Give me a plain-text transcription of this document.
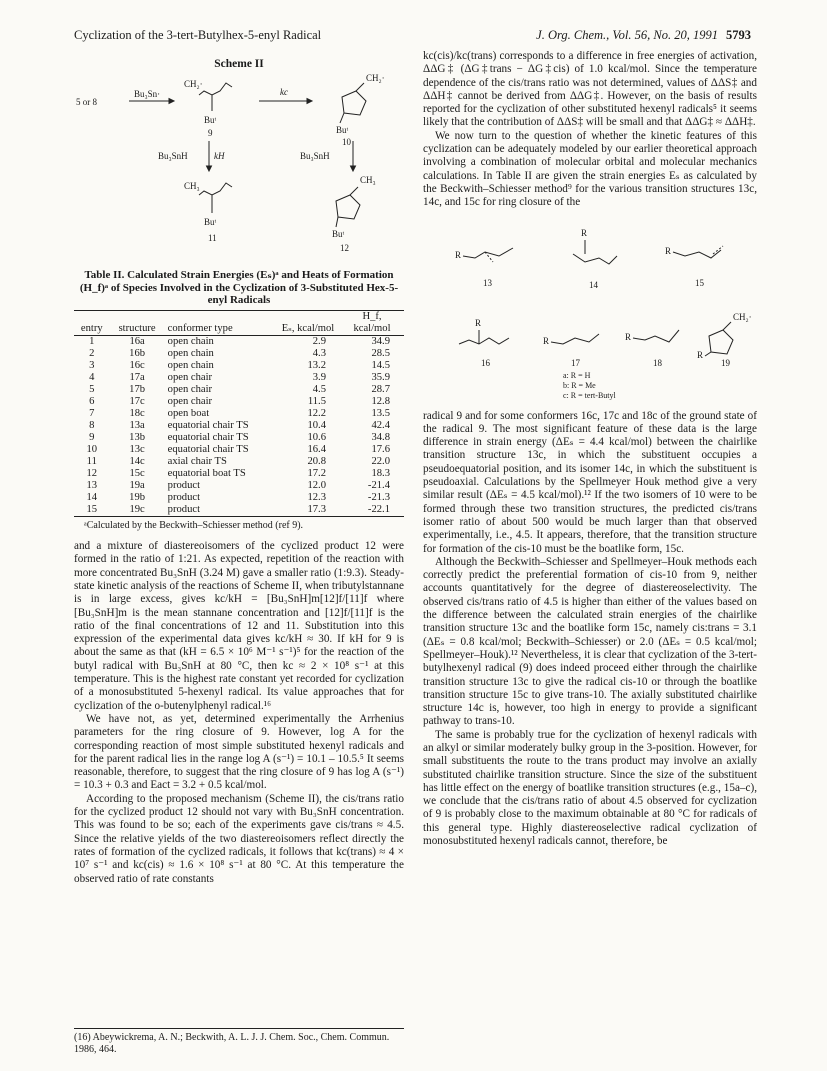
Cyclization of the 3-tert-Butylhex-5-enyl Radical	J. Org. Chem., Vol. 56, No. 20, 1991 5793
Scheme II
5 or 8
Bu₃Sn·
CH₂·
kc
CH₂·
Buᵗ
9	Buᵗ
10
Bu₃SnH	kH	Bu₃SnH
CH₃
CH₃
Buᵗ
11	Buᵗ
12
Table II. Calculated Strain Energies (Eₛ)ᵃ and Heats of Formation (H_f)ᵃ of Species Involved in the Cyclization of 3-Substituted Hex-5-enyl Radicals
entry	structure	conformer type	Eₛ, kcal/mol	H_f, kcal/mol
1	16a	open chain	2.9	34.9
2	16b	open chain	4.3	28.5
3	16c	open chain	13.2	14.5
4	17a	open chair	3.9	35.9
5	17b	open chair	4.5	28.7
6	17c	open chair	11.5	12.8
7	18c	open boat	12.2	13.5
8	13a	equatorial chair TS	10.4	42.4
9	13b	equatorial chair TS	10.6	34.8
10	13c	equatorial chair TS	16.4	17.6
11	14c	axial chair TS	20.8	22.0
12	15c	equatorial boat TS	17.2	18.3
13	19a	product	12.0	-21.4
14	19b	product	12.3	-21.3
15	19c	product	17.3	-22.1
ᵃCalculated by the Beckwith–Schiesser method (ref 9).

and a mixture of diastereoisomers of the cyclized product 12 were formed in the ratio of 1:21. As expected, repetition of the reaction with more concentrated Bu₃SnH (3.24 M) gave a smaller ratio (1:9.3). Steady-state kinetic analysis of the reactions of Scheme II, when tributylstannane is in large excess, gives kc/kH = [Bu₃SnH]m[12]f/[11]f where [Bu₃SnH]m is the mean stannane concentration and [12]f/[11]f is the ratio of the final concentrations of 12 and 11. Substitution into this expression of the experimental data gives kc/kH ≈ 30. If kH for 9 is about the same as that (kH = 6.5 × 10⁶ M⁻¹ s⁻¹)⁵ for the reaction of the butyl radical with Bu₃SnH at 80 °C, then kc ≈ 2 × 10⁸ s⁻¹ at this temperature. This is the highest rate constant yet recorded for cyclization of a monosubstituted 5-hexenyl radical. Its value approaches that for cyclization of the o-butenylphenyl radical.¹⁶

We have not, as yet, determined experimentally the Arrhenius parameters for the ring closure of 9. However, log A for the corresponding reaction of most simple substituted hexenyl radicals and for the parent radical lies in the range log A (s⁻¹) = 10.1 – 10.5.⁵ It seems reasonable, therefore, to suggest that the ring closure of 9 has log A (s⁻¹) = 10.3 + 0.3 and Eact = 3.2 + 0.5 kcal/mol.

According to the proposed mechanism (Scheme II), the cis/trans ratio for the cyclized product 12 should not vary with Bu₃SnH concentration. This was found to be so; each of the experiments gave cis/trans ≈ 4.5. Since the relative yields of the two diastereoisomers reflect directly the rates of formation of the cyclized radicals, it follows that kc(trans) ≈ 4 × 10⁷ s⁻¹ and kc(cis) ≈ 1.6 × 10⁸ s⁻¹ at 80 °C. At this temperature the observed ratio of rate constants

(16) Abeywickrema, A. N.; Beckwith, A. L. J. J. Chem. Soc., Chem. Commun. 1986, 464.

kc(cis)/kc(trans) corresponds to a difference in free energies of activation, ΔΔG‡ (ΔG‡trans − ΔG‡cis) of 1.0 kcal/mol. Since the temperature dependence of the cis/trans ratio was not determined, values of ΔΔS‡ and ΔΔH‡ cannot be derived from ΔΔG‡. However, on the basis of results reported for the cyclization of other substituted hexenyl radicals⁵ it seems likely that the contribution of ΔΔS‡ will be small and that ΔΔG‡ ≈ ΔΔH‡.

We now turn to the question of whether the kinetic features of this cyclization can be adequately modeled by our earlier theoretical approach involving a combination of molecular orbital and molecular mechanics calculations. In Table II are given the strain energies Eₛ as calculated by the Beckwith–Schiesser method⁹ for the various transition structures 13c, 14c, and 15c for ring closure of the

R
13
R
14
R
15
R
16
R
17
R
18
CH₂·
R
19
a: R = H
b: R = Me
c: R = tert-Butyl

radical 9 and for some conformers 16c, 17c and 18c of the ground state of the radical 9. The most significant feature of these data is the large difference in strain energy (ΔEₛ = 4.4 kcal/mol) between the chairlike transition structure 13c, in which the substituent occupies a pseudoequatorial position, and its isomer 14c, in which the substituent is pseudoaxial. Calculations by the Spellmeyer Houk method give a very similar result (ΔEₛ = 4.5 kcal/mol).¹² If the two isomers of 10 were to be formed through these two transition structures, the predicted cis/trans isomer ratio of about 500 would be much larger than that observed experimentally, i.e., 4.5. It appears, therefore, that the transition structure for formation of the cis-10 must be the boatlike form, 15c.

Although the Beckwith–Schiesser and Spellmeyer–Houk methods each correctly predict the preferential formation of cis-10 from 9, neither accounts quantitatively for the degree of diastereoselectivity. The observed cis/trans ratio of 4.5 is higher than either of the values based on the difference between the calculated strain energies of the chairlike transition structure 13c and the boatlike form 15c, namely cis:trans = 3.1 (ΔEₛ = 0.8 kcal/mol; Beckwith–Schiesser) or 2.0 (ΔEₛ = 0.5 kcal/mol; Spellmeyer–Houk).¹² Nevertheless, it is clear that cyclization of the 3-tert-butylhexenyl radical (9) does indeed proceed either through the chairlike transition structure 13c to give the radical cis-10 or through the boatlike transition structure 15c to give trans-10. The axially substituted chairlike structure 14c is, however, too high in energy to provide a significant pathway to trans-10.

The same is probably true for the cyclization of hexenyl radicals with an alkyl or similar moderately bulky group in the 3-position. However, for small substituents the route to the trans product may involve an axially substituted chairlike transition structure. Since the size of the substituent has little effect on the energy of boatlike transition structures (e.g., 15a–c), we conclude that the cis/trans ratio of about 4.5 observed for cyclization of 9 is probably close to the maximum obtainable at 80 °C for radicals of this general type. Highly diastereoselective radical cyclization of monosubstituted hexenyl radicals cannot, therefore, be
